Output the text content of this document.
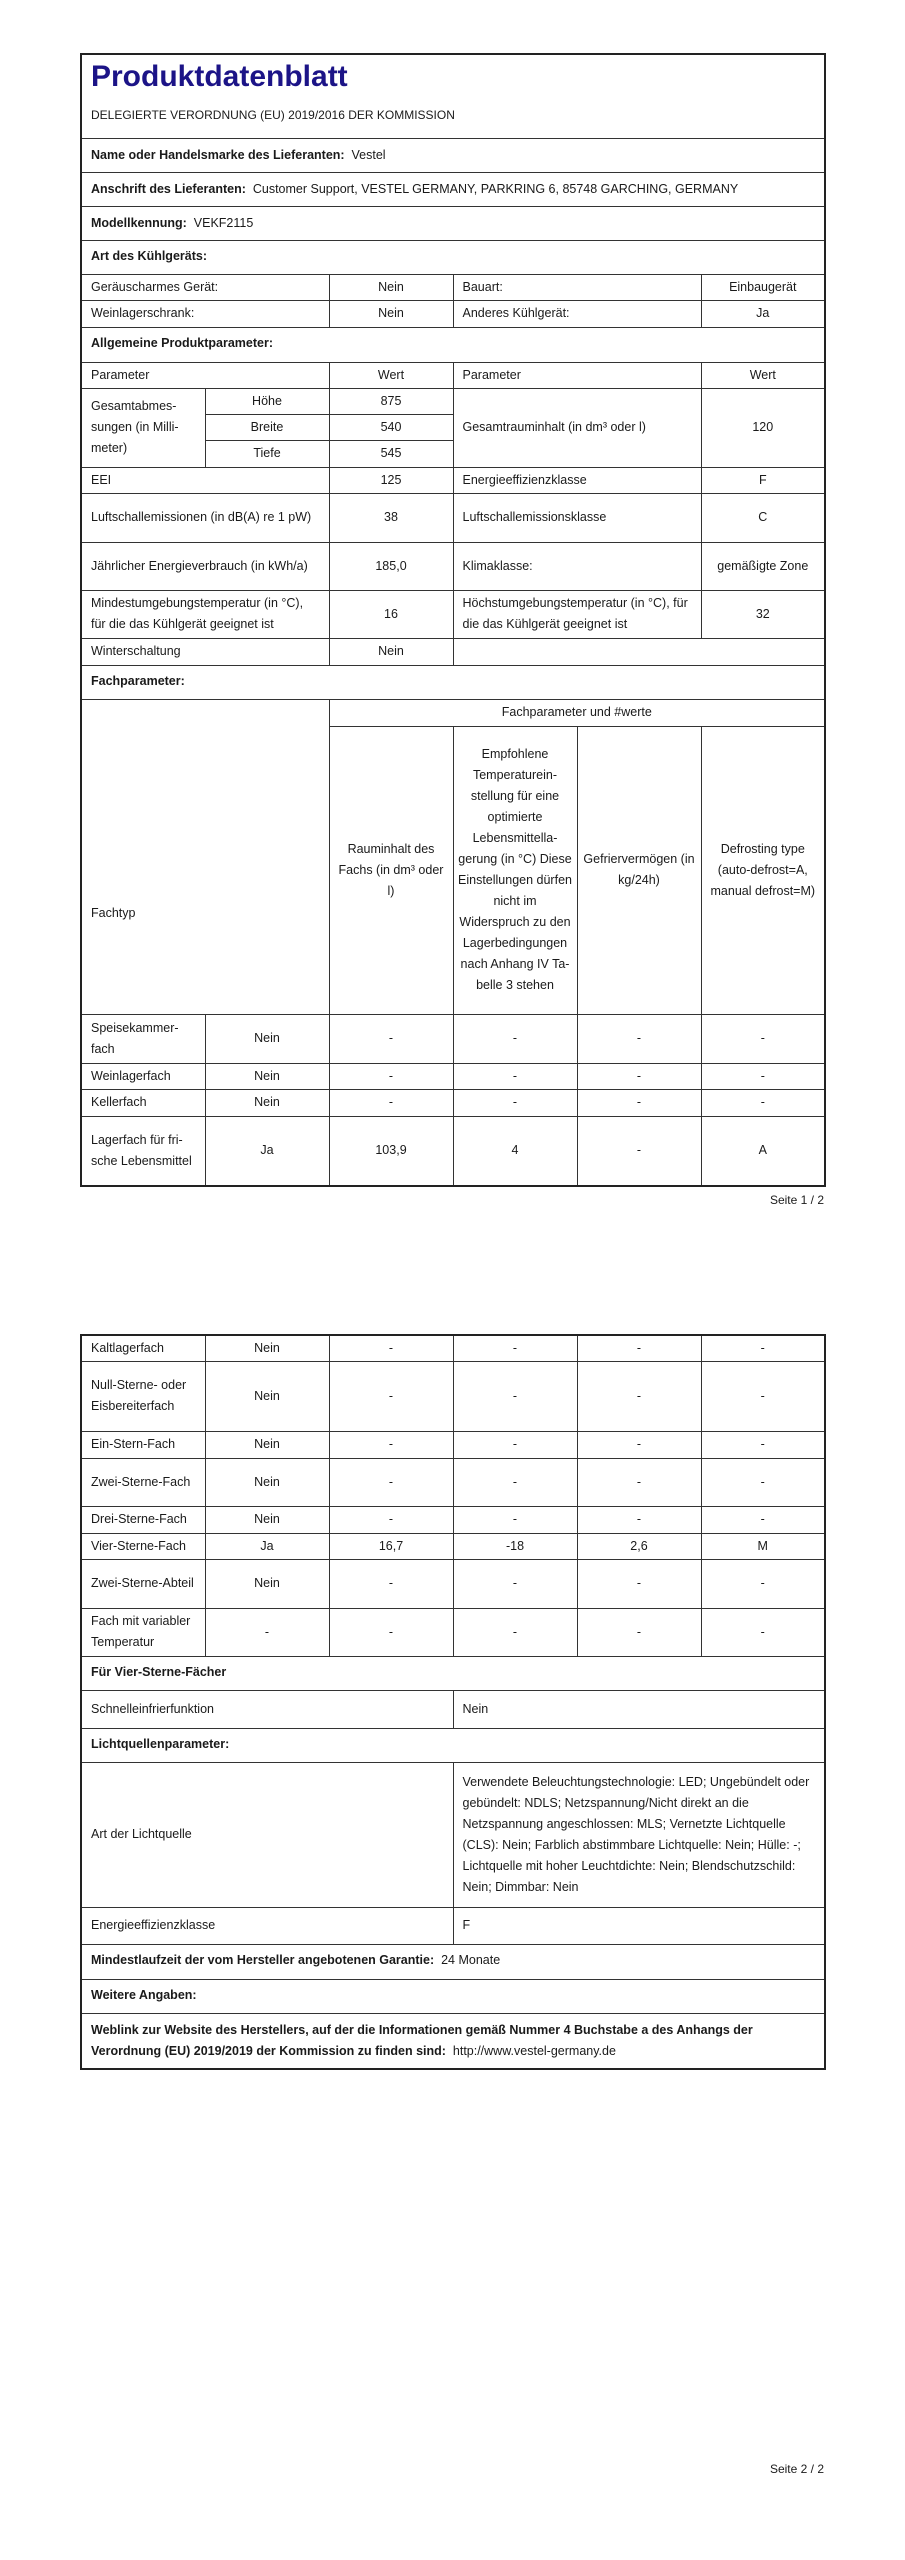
Produktdatenblatt
DELEGIERTE VERORDNUNG (EU) 2019/2016 DER KOMMISSION					

Name oder Handelsmarke des Lieferanten: Vestel					
Anschrift des Lieferanten: Customer Support, VESTEL GERMANY, PARKRING 6, 85748 GARCHING, GERMANY					
Modellkennung: VEKF2115					
Art des Kühlgeräts:					
Geräuscharmes Gerät:		Nein	Bauart:		Einbaugerät
Weinlagerschrank:		Nein	Anderes Kühlgerät:		Ja
Allgemeine Produktparameter:					
Parameter		Wert	Parameter		Wert
Gesamtabmessungen (in Millimeter)	Höhe	875	Gesamtrauminhalt (in dm³ oder l)		120
	Breite	540			
	Tiefe	545			
EEI		125	Energieeffizienzklasse		F
Luftschallemissionen (in dB(A) re 1 pW)		38	Luftschallemissionsklasse		C
Jährlicher Energieverbrauch (in kWh/a)		185,0	Klimaklasse:		gemäßigte Zone
Mindestumgebungstemperatur (in °C), für die das Kühlgerät geeignet ist		16	Höchstumgebungstemperatur (in °C), für die das Kühlgerät geeignet ist		32
Winterschaltung		Nein			
Fachparameter:					
Fachtyp		Fachparameter und #werte			
		Rauminhalt des Fachs (in dm³ oder l)	Empfohlene Temperatureinstellung für eine optimierte Lebensmittellagerung (in °C) Diese Einstellungen dürfen nicht im Widerspruch zu den Lagerbedingungen nach Anhang IV Tabelle 3 stehen	Gefriervermögen (in kg/24h)	Defrosting type (auto-defrost=A, manual defrost=M)
Speisekammerfach	Nein	-	-	-	-
Weinlagerfach	Nein	-	-	-	-
Kellerfach	Nein	-	-	-	-
Lagerfach für frische Lebensmittel	Ja	103,9	4	-	A
Seite 1 / 2
Kaltlagerfach	Nein	-	-	-	-
Null-Sterne- oder Eisbereiterfach	Nein	-	-	-	-
Ein-Stern-Fach	Nein	-	-	-	-
Zwei-Sterne-Fach	Nein	-	-	-	-
Drei-Sterne-Fach	Nein	-	-	-	-
Vier-Sterne-Fach	Ja	16,7	-18	2,6	M
Zwei-Sterne-Abteil	Nein	-	-	-	-
Fach mit variabler Temperatur	-	-	-	-	-
Für Vier-Sterne-Fächer					
Schnelleinfrierfunktion			Nein		
Lichtquellenparameter:					
Art der Lichtquelle			Verwendete Beleuchtungstechnologie: LED; Ungebündelt oder gebündelt: NDLS; Netzspannung/Nicht direkt an die Netzspannung angeschlossen: MLS; Vernetzte Lichtquelle (CLS): Nein; Farblich abstimmbare Lichtquelle: Nein; Hülle: -; Lichtquelle mit hoher Leuchtdichte: Nein; Blendschutzschild: Nein; Dimmbar: Nein		
Energieeffizienzklasse			F		
Mindestlaufzeit der vom Hersteller angebotenen Garantie: 24 Monate					
Weitere Angaben:					
Weblink zur Website des Herstellers, auf der die Informationen gemäß Nummer 4 Buchstabe a des Anhangs der Verordnung (EU) 2019/2019 der Kommission zu finden sind: http://www.vestel-germany.de					
Seite 2 / 2
